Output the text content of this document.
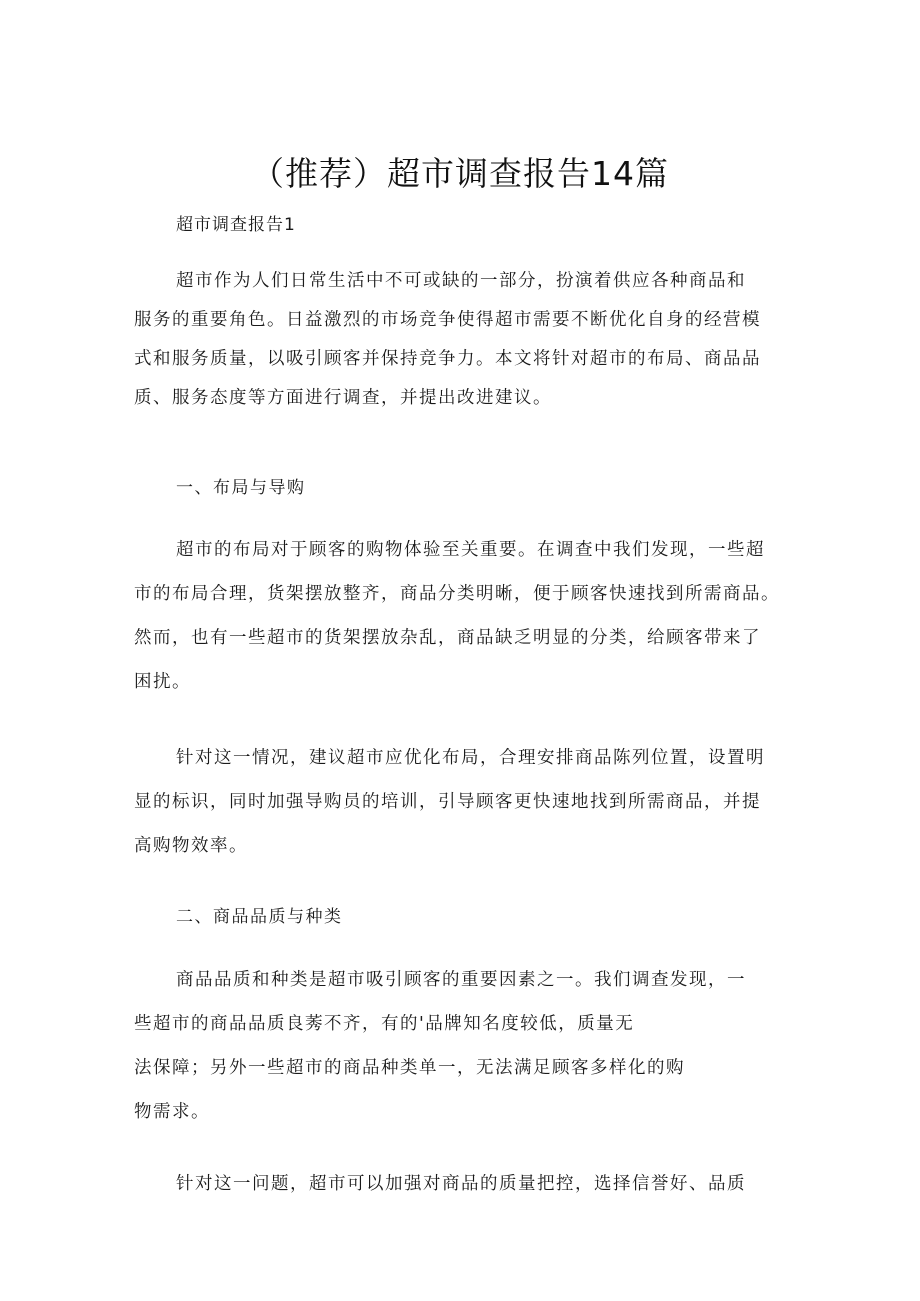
（推荐）超市调查报告14篇
超市调查报告1
超市作为人们日常生活中不可或缺的一部分，扮演着供应各种商品和
服务的重要角色。日益激烈的市场竞争使得超市需要不断优化自身的经营模
式和服务质量，以吸引顾客并保持竞争力。本文将针对超市的布局、商品品
质、服务态度等方面进行调查，并提出改进建议。
一、布局与导购
超市的布局对于顾客的购物体验至关重要。在调查中我们发现，一些超
市的布局合理，货架摆放整齐，商品分类明晰，便于顾客快速找到所需商品。
然而，也有一些超市的货架摆放杂乱，商品缺乏明显的分类，给顾客带来了
困扰。
针对这一情况，建议超市应优化布局，合理安排商品陈列位置，设置明
显的标识，同时加强导购员的培训，引导顾客更快速地找到所需商品，并提
高购物效率。
二、商品品质与种类
商品品质和种类是超市吸引顾客的重要因素之一。我们调查发现，一
些超市的商品品质良莠不齐，有的'品牌知名度较低，质量无
法保障；另外一些超市的商品种类单一，无法满足顾客多样化的购
物需求。
针对这一问题，超市可以加强对商品的质量把控，选择信誉好、品质
